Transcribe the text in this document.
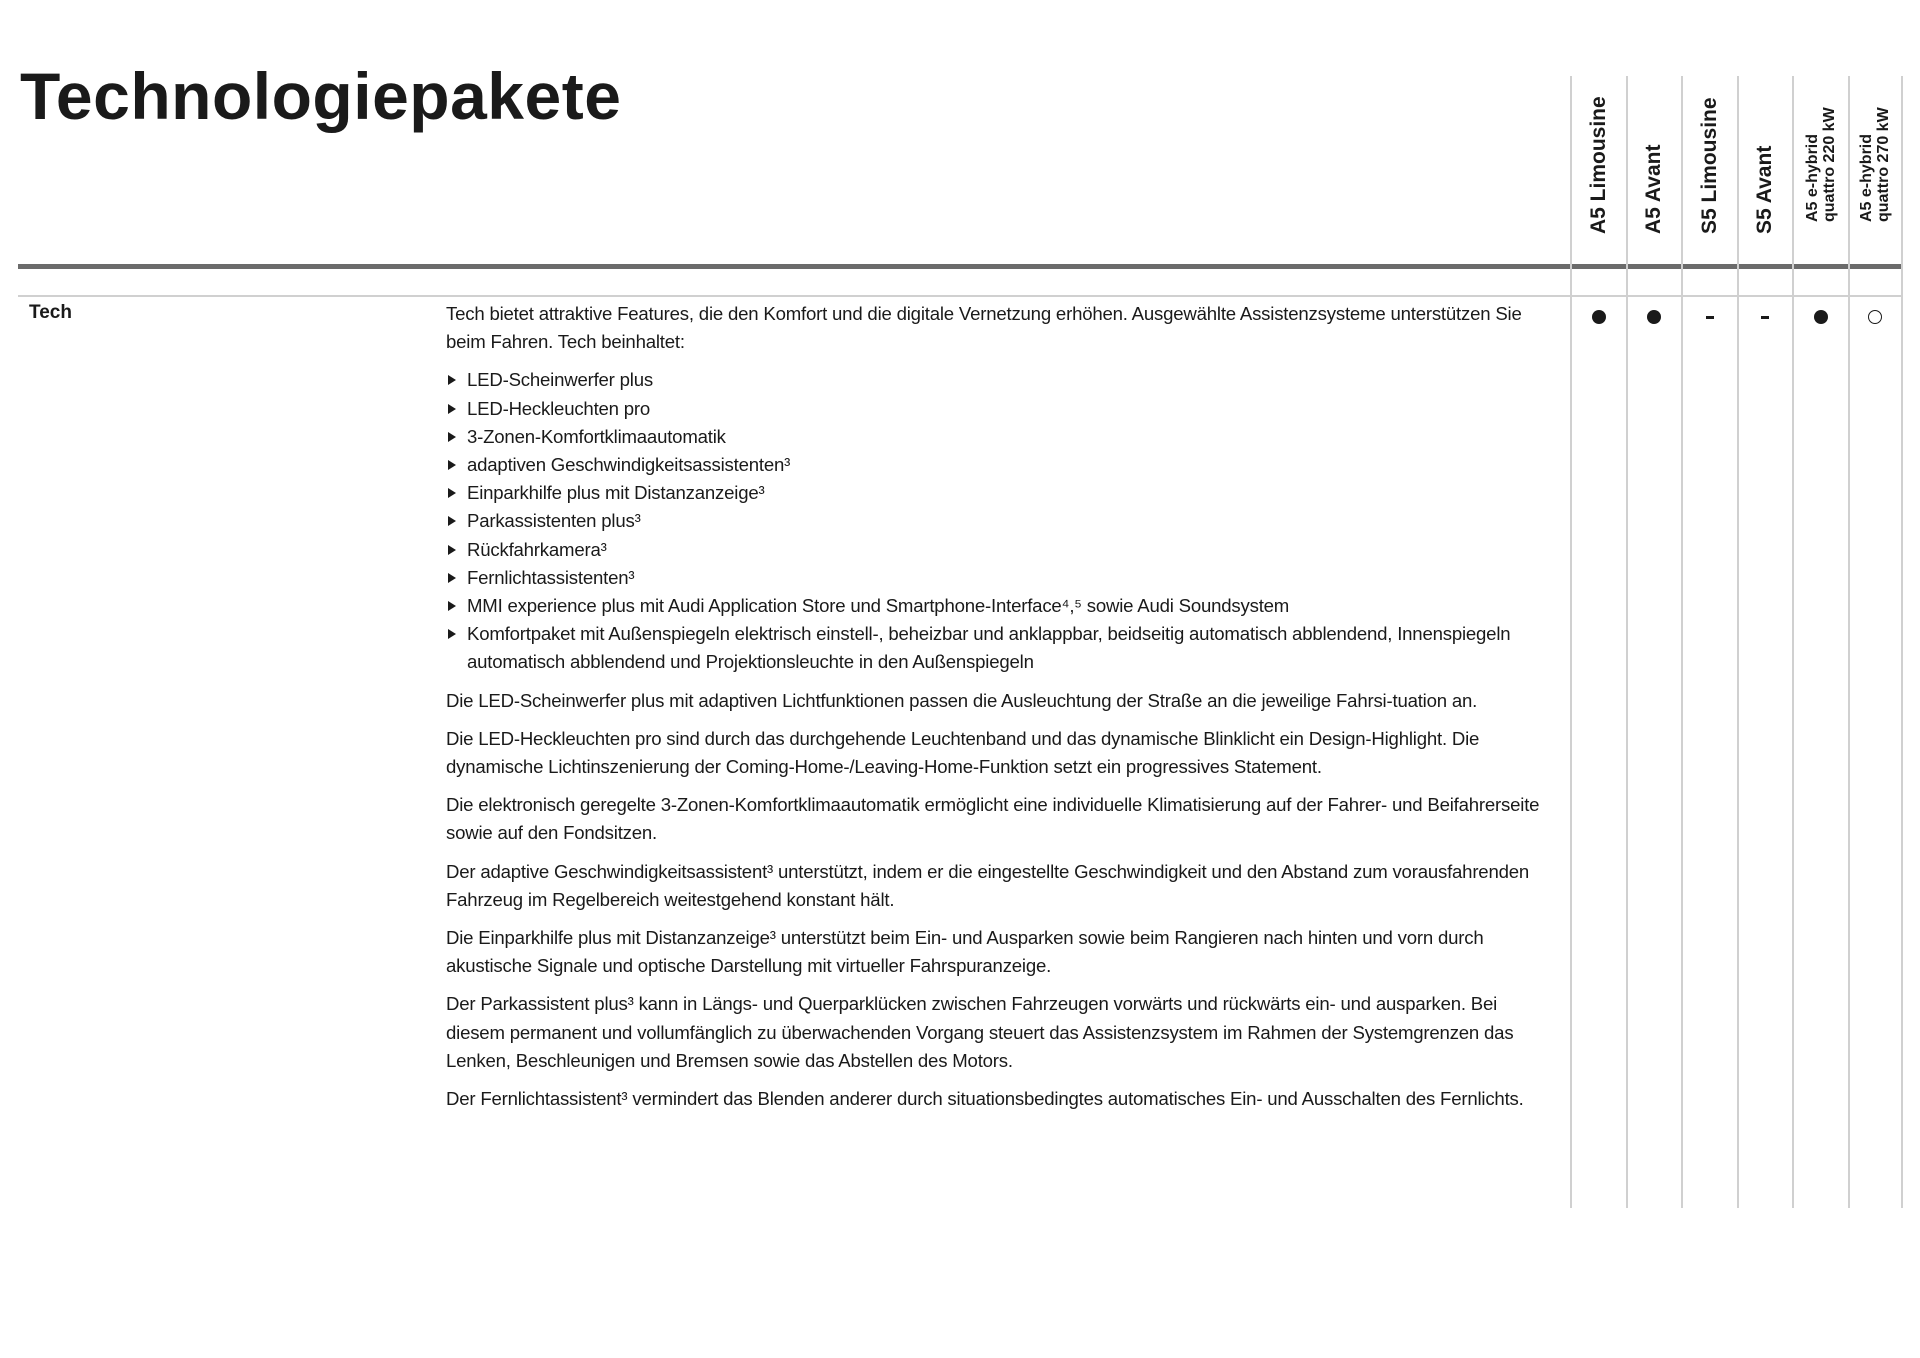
Technologiepakete
A5 Limousine A5 Avant S5 Limousine S5 Avant A5 e-hybrid quattro 220 kW A5 e-hybrid quattro 270 kW
Tech	Tech bietet attraktive Features, die den Komfort und die digitale Vernetzung erhöhen. Ausgewählte Assistenzsysteme unterstützen Sie beim Fahren. Tech beinhaltet:

LED-Scheinwerfer plus
LED-Heckleuchten pro
3-Zonen-Komfortklimaautomatik
adaptiven Geschwindigkeitsassistenten³
Einparkhilfe plus mit Distanzanzeige³
Parkassistenten plus³
Rückfahrkamera³
Fernlichtassistenten³
MMI experience plus mit Audi Application Store und Smartphone-Interface⁴,⁵ sowie Audi Soundsystem
Komfortpaket mit Außenspiegeln elektrisch einstell-, beheizbar und anklappbar, beidseitig automatisch abblendend, Innenspiegeln automatisch abblendend und Projektionsleuchte in den Außenspiegeln

Die LED-Scheinwerfer plus mit adaptiven Lichtfunktionen passen die Ausleuchtung der Straße an die jeweilige Fahrsi-tuation an.

Die LED-Heckleuchten pro sind durch das durchgehende Leuchtenband und das dynamische Blinklicht ein Design-Highlight. Die dynamische Lichtinszenierung der Coming-Home-/Leaving-Home-Funktion setzt ein progressives Statement.

Die elektronisch geregelte 3-Zonen-Komfortklimaautomatik ermöglicht eine individuelle Klimatisierung auf der Fahrer- und Beifahrerseite sowie auf den Fondsitzen.

Der adaptive Geschwindigkeitsassistent³ unterstützt, indem er die eingestellte Geschwindigkeit und den Abstand zum vorausfahrenden Fahrzeug im Regelbereich weitestgehend konstant hält.

Die Einparkhilfe plus mit Distanzanzeige³ unterstützt beim Ein- und Ausparken sowie beim Rangieren nach hinten und vorn durch akustische Signale und optische Darstellung mit virtueller Fahrspuranzeige.

Der Parkassistent plus³ kann in Längs- und Querparklücken zwischen Fahrzeugen vorwärts und rückwärts ein- und ausparken. Bei diesem permanent und vollumfänglich zu überwachenden Vorgang steuert das Assistenzsystem im Rahmen der Systemgrenzen das Lenken, Beschleunigen und Bremsen sowie das Abstellen des Motors.

Der Fernlichtassistent³ vermindert das Blenden anderer durch situationsbedingtes automatisches Ein- und Ausschalten des Fernlichts.
